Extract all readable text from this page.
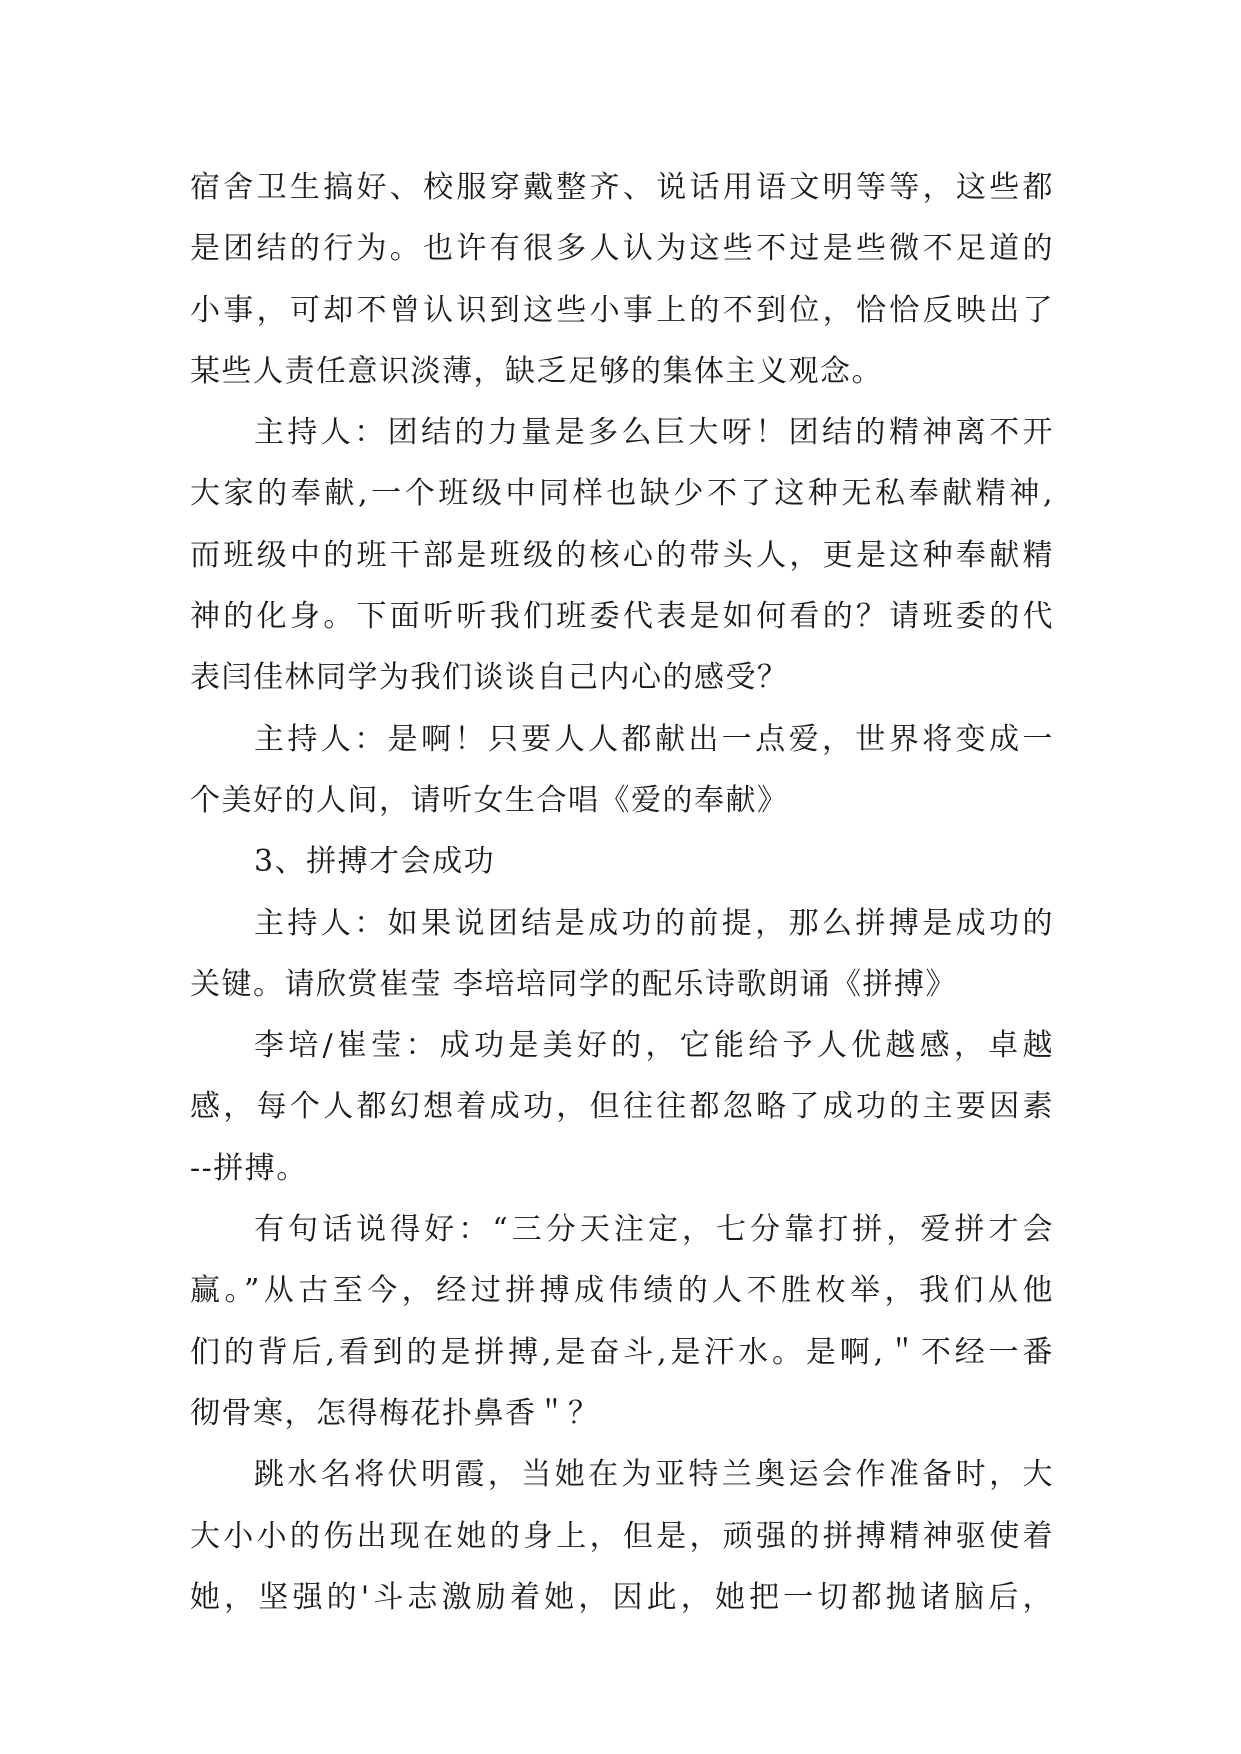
宿舍卫生搞好、校服穿戴整齐、说话用语文明等等，这些都
是团结的行为。也许有很多人认为这些不过是些微不足道的
小事，可却不曾认识到这些小事上的不到位，恰恰反映出了
某些人责任意识淡薄，缺乏足够的集体主义观念。
主持人：团结的力量是多么巨大呀！团结的精神离不开
大家的奉献,一个班级中同样也缺少不了这种无私奉献精神,
而班级中的班干部是班级的核心的带头人，更是这种奉献精
神的化身。下面听听我们班委代表是如何看的？请班委的代
表闫佳林同学为我们谈谈自己内心的感受？
主持人：是啊！只要人人都献出一点爱，世界将变成一
个美好的人间，请听女生合唱《爱的奉献》
3、拼搏才会成功
主持人：如果说团结是成功的前提，那么拼搏是成功的
关键。请欣赏崔莹 李培培同学的配乐诗歌朗诵《拼搏》
李培/崔莹：成功是美好的，它能给予人优越感，卓越
感，每个人都幻想着成功，但往往都忽略了成功的主要因素
--拼搏。
有句话说得好：“三分天注定，七分靠打拼，爱拼才会
赢。”从古至今，经过拼搏成伟绩的人不胜枚举，我们从他
们的背后,看到的是拼搏,是奋斗,是汗水。是啊,＂不经一番
彻骨寒，怎得梅花扑鼻香＂？
跳水名将伏明霞，当她在为亚特兰奥运会作准备时，大
大小小的伤出现在她的身上，但是，顽强的拼搏精神驱使着
她，坚强的'斗志激励着她，因此，她把一切都抛诸脑后，
